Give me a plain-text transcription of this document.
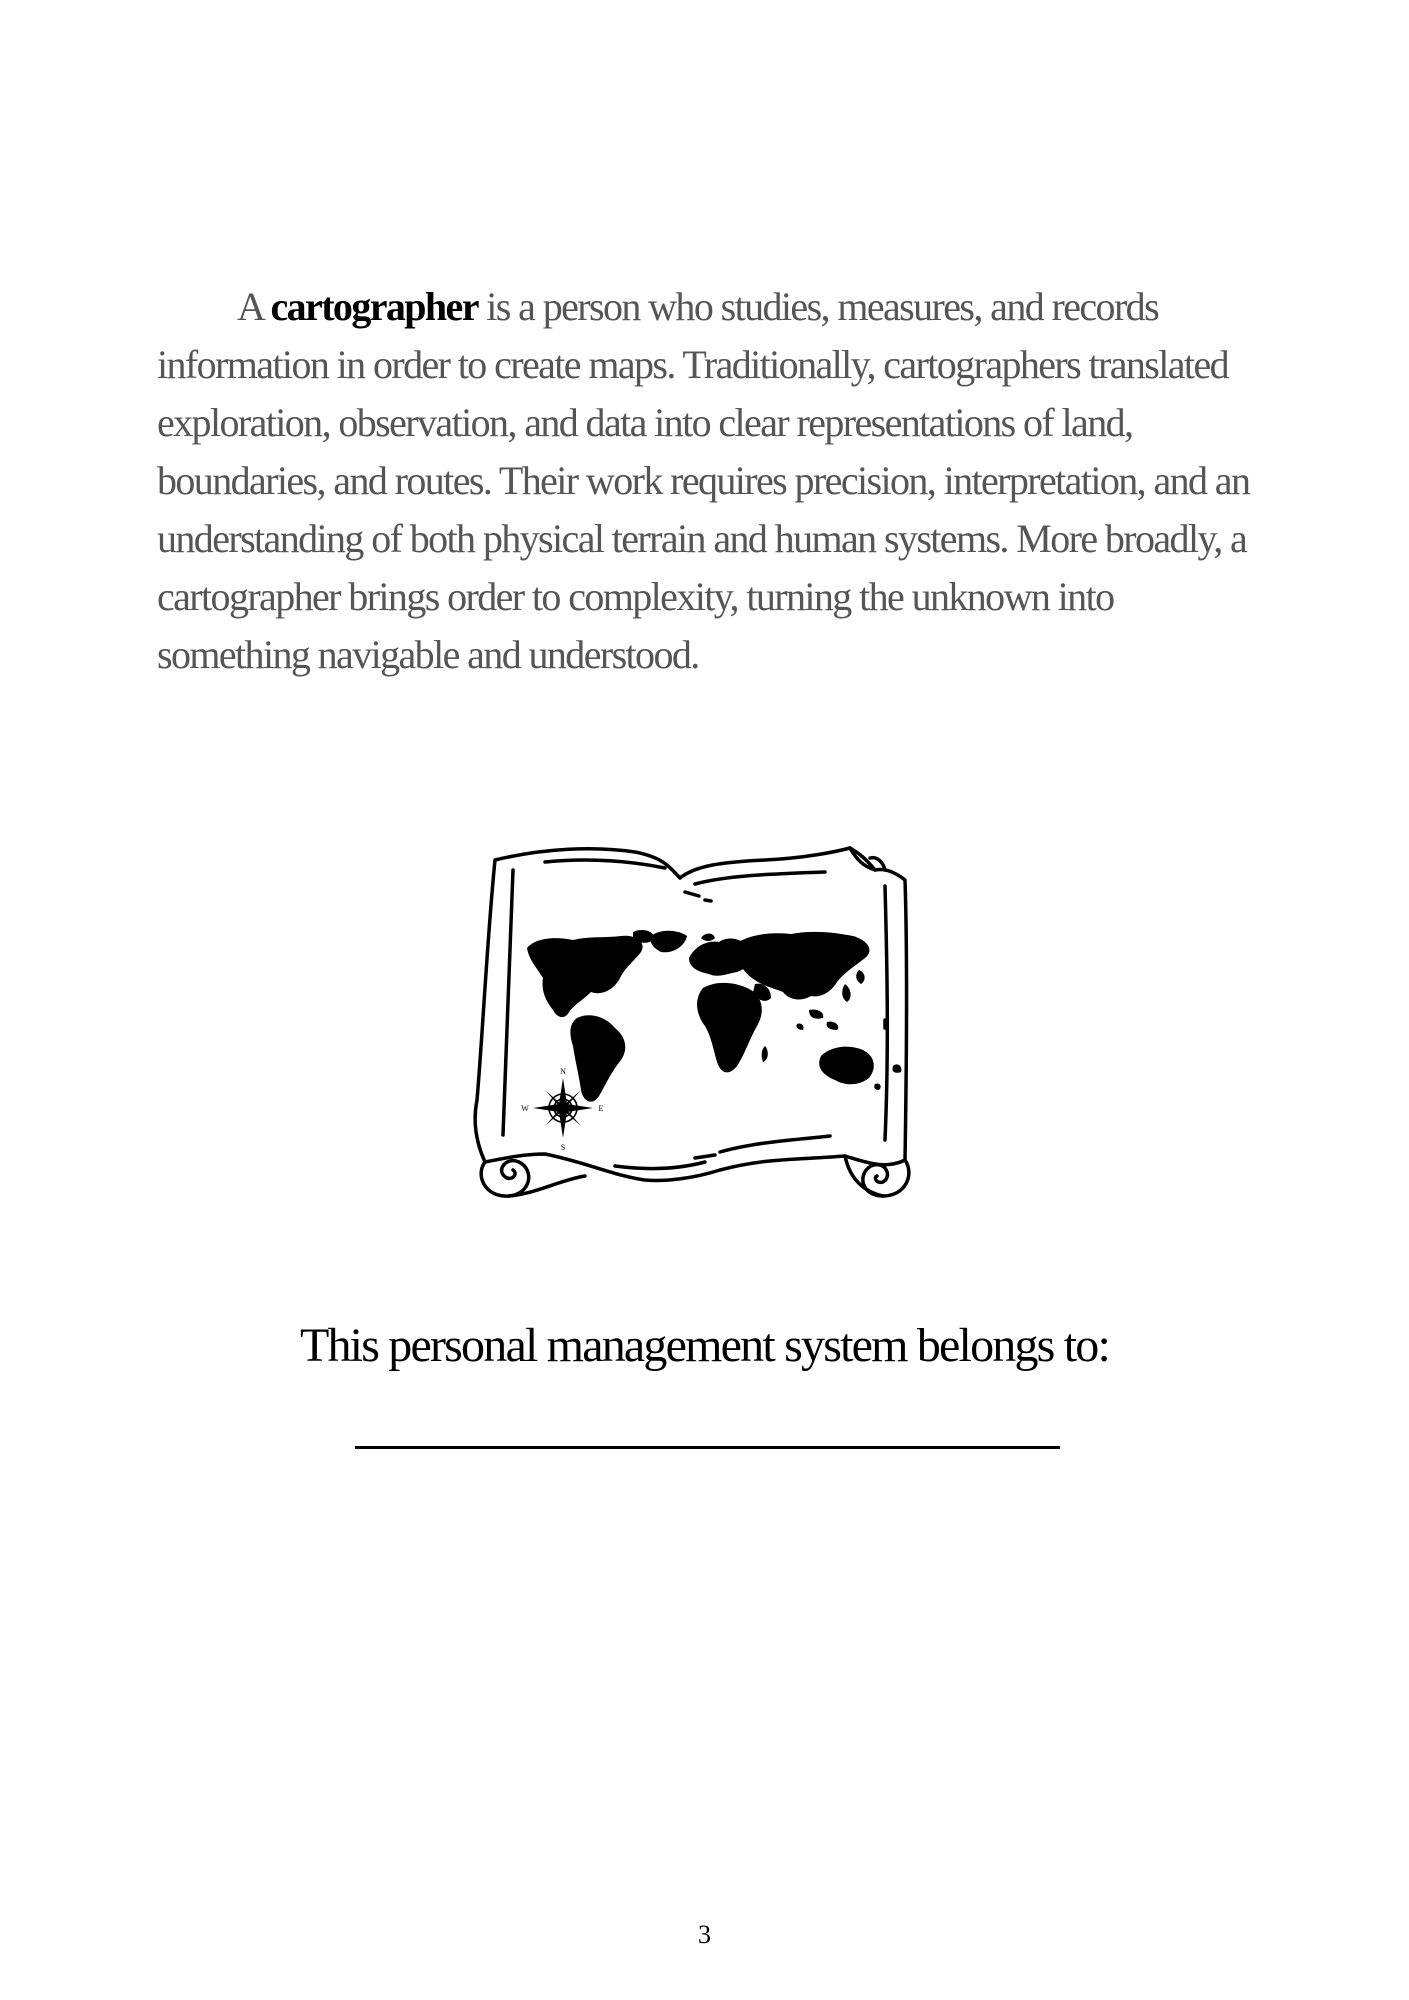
A cartographer is a person who studies, measures, and records information in order to create maps. Traditionally, cartographers translated exploration, observation, and data into clear representations of land, boundaries, and routes. Their work requires precision, interpretation, and an understanding of both physical terrain and human systems. More broadly, a cartographer brings order to complexity, turning the unknown into something navigable and understood.

N
S
E
W
This personal management system belongs to:
3
